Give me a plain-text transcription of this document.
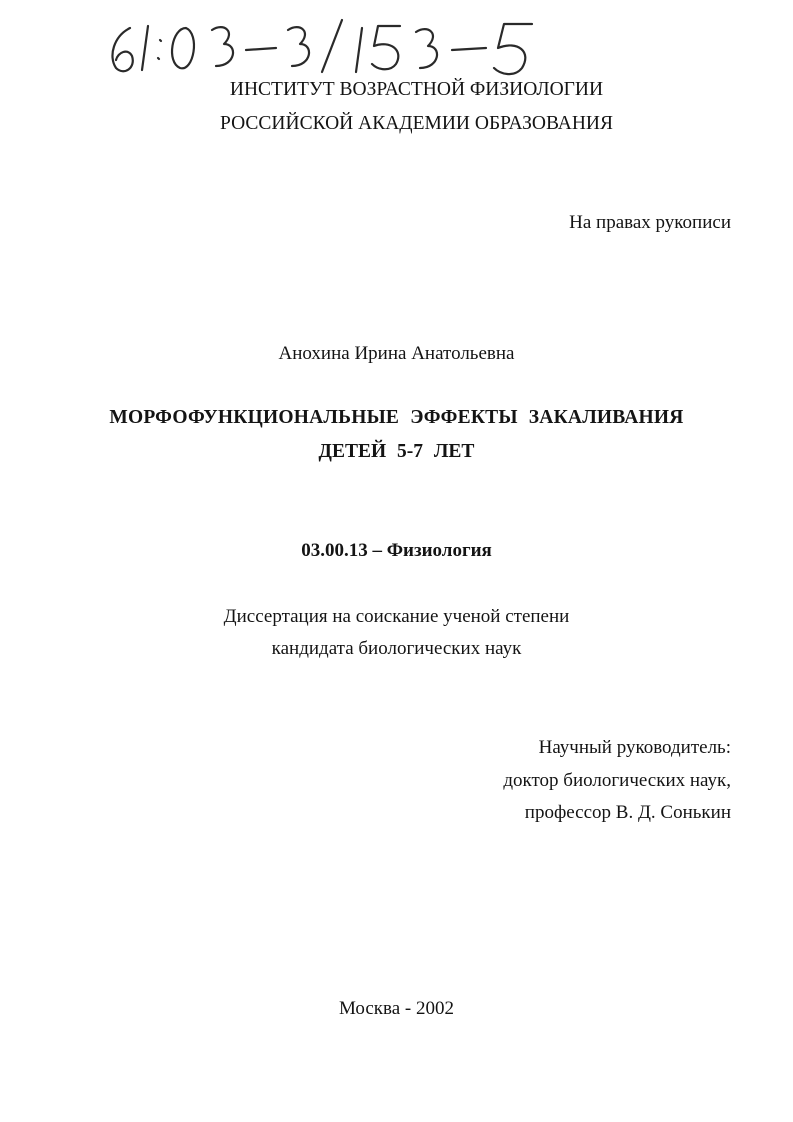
ИНСТИТУТ ВОЗРАСТНОЙ ФИЗИОЛОГИИ
РОССИЙСКОЙ АКАДЕМИИ ОБРАЗОВАНИЯ
На правах рукописи
Анохина Ирина Анатольевна
МОРФОФУНКЦИОНАЛЬНЫЕ ЭФФЕКТЫ ЗАКАЛИВАНИЯ
ДЕТЕЙ 5-7 ЛЕТ
03.00.13 – Физиология
Диссертация на соискание ученой степени
кандидата биологических наук
Научный руководитель:
доктор биологических наук,
профессор В. Д. Сонькин
Москва - 2002
